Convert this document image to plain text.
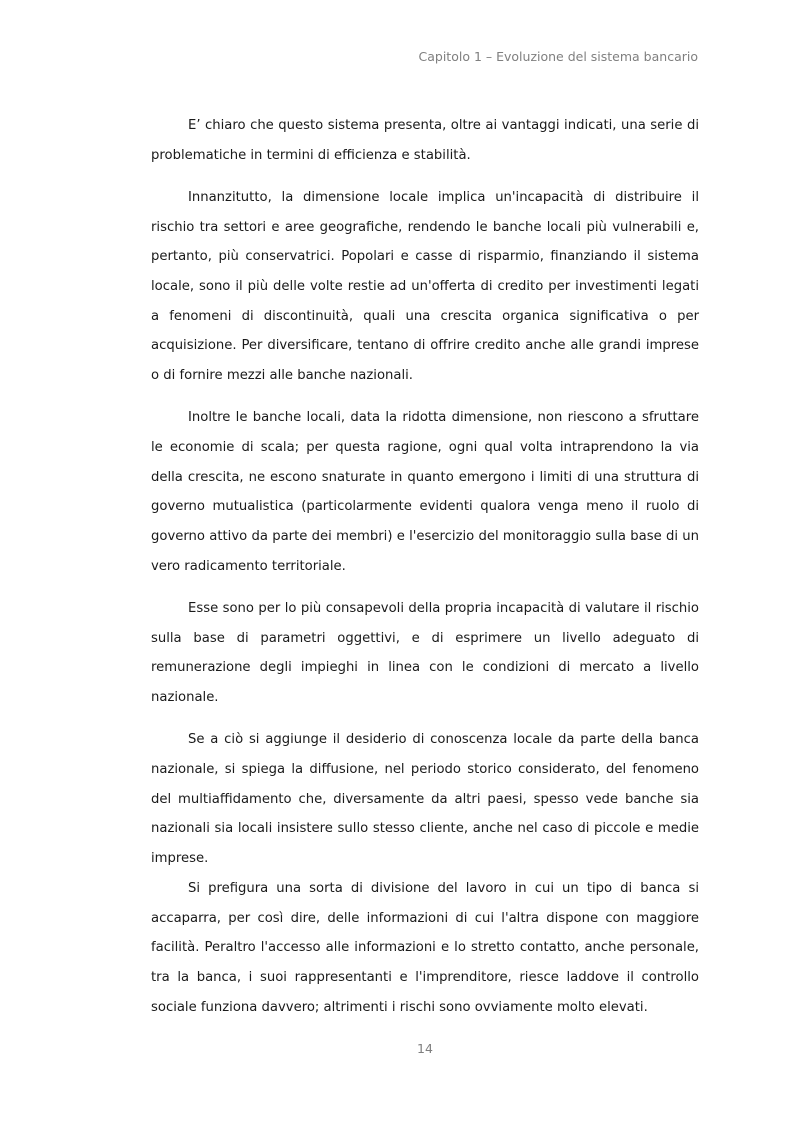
Capitolo 1 – Evoluzione del sistema bancario

E’ chiaro che questo sistema presenta, oltre ai vantaggi indicati, una serie di problematiche in termini di efficienza e stabilità.

Innanzitutto, la dimensione locale implica un'incapacità di distribuire il rischio tra settori e aree geografiche, rendendo le banche locali più vulnerabili e, pertanto, più conservatrici. Popolari e casse di risparmio, finanziando il sistema locale, sono il più delle volte restie ad un'offerta di credito per investimenti legati a fenomeni di discontinuità, quali una crescita organica significativa o per acquisizione. Per diversificare, tentano di offrire credito anche alle grandi imprese o di fornire mezzi alle banche nazionali.

Inoltre le banche locali, data la ridotta dimensione, non riescono a sfruttare le economie di scala; per questa ragione, ogni qual volta intraprendono la via della crescita, ne escono snaturate in quanto emergono i limiti di una struttura di governo mutualistica (particolarmente evidenti qualora venga meno il ruolo di governo attivo da parte dei membri) e l'esercizio del monitoraggio sulla base di un vero radicamento territoriale.

Esse sono per lo più consapevoli della propria incapacità di valutare il rischio sulla base di parametri oggettivi, e di esprimere un livello adeguato di remunerazione degli impieghi in linea con le condizioni di mercato a livello nazionale.

Se a ciò si aggiunge il desiderio di conoscenza locale da parte della banca nazionale, si spiega la diffusione, nel periodo storico considerato, del fenomeno del multiaffidamento che, diversamente da altri paesi, spesso vede banche sia nazionali sia locali insistere sullo stesso cliente, anche nel caso di piccole e medie imprese.

Si prefigura una sorta di divisione del lavoro in cui un tipo di banca si accaparra, per così dire, delle informazioni di cui l'altra dispone con maggiore facilità. Peraltro l'accesso alle informazioni e lo stretto contatto, anche personale, tra la banca, i suoi rappresentanti e l'imprenditore, riesce laddove il controllo sociale funziona davvero; altrimenti i rischi sono ovviamente molto elevati.

14
